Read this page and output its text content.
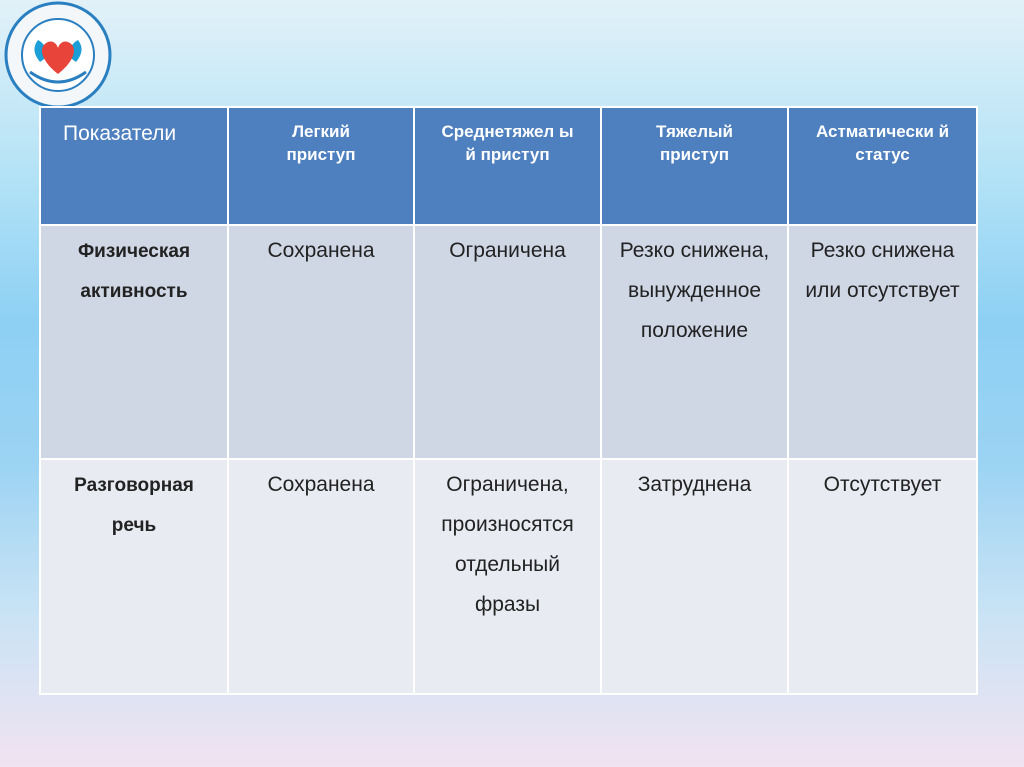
Показатели	Легкий приступ	Среднетяжел ый приступ	Тяжелый приступ	Астматически й статус

Физическая активность	Сохранена	Ограничена	Резко снижена, вынужденное положение	Резко снижена или отсутствует

Разговорная речь	Сохранена	Ограничена, произносятся отдельный фразы	Затруднена	Отсутствует
